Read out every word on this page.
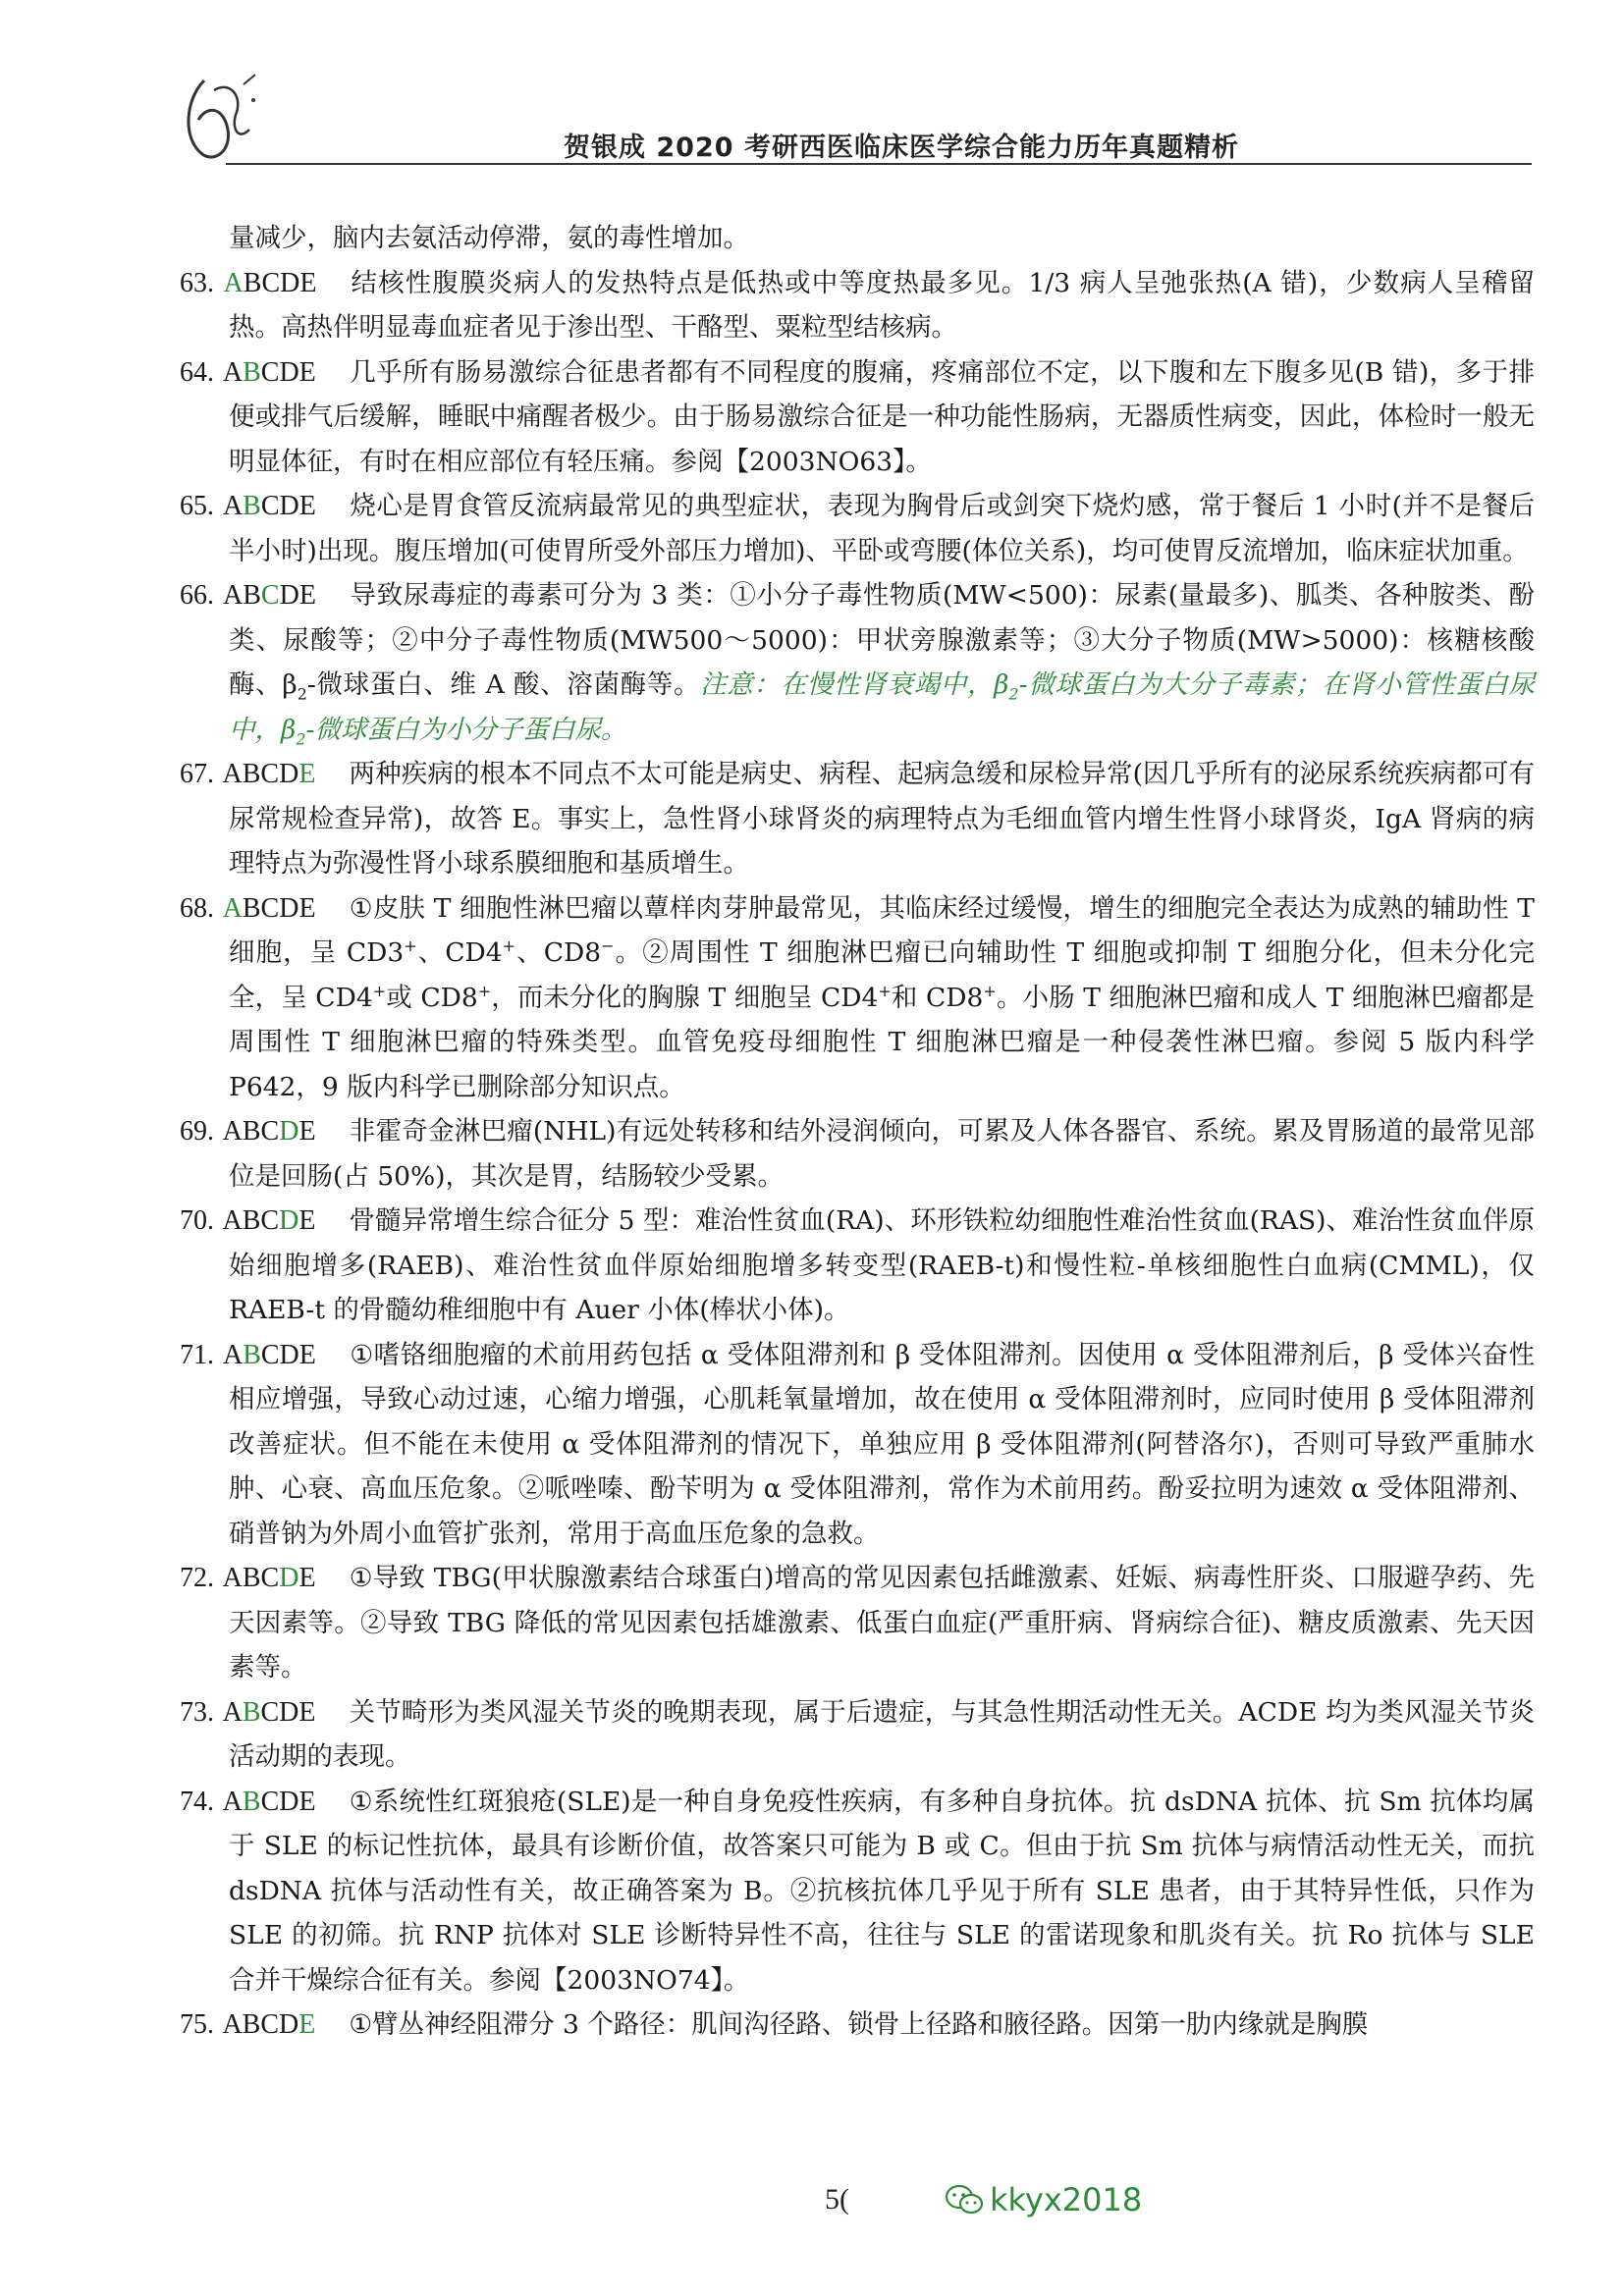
贺银成 2020 考研西医临床医学综合能力历年真题精析

量减少，脑内去氨活动停滞，氨的毒性增加。

63. ABCDE 结核性腹膜炎病人的发热特点是低热或中等度热最多见。1/3 病人呈弛张热(A 错)，少数病人呈稽留热。高热伴明显毒血症者见于渗出型、干酪型、粟粒型结核病。

64. ABCDE 几乎所有肠易激综合征患者都有不同程度的腹痛，疼痛部位不定，以下腹和左下腹多见(B 错)，多于排便或排气后缓解，睡眠中痛醒者极少。由于肠易激综合征是一种功能性肠病，无器质性病变，因此，体检时一般无明显体征，有时在相应部位有轻压痛。参阅【2003NO63】。

65. ABCDE 烧心是胃食管反流病最常见的典型症状，表现为胸骨后或剑突下烧灼感，常于餐后 1 小时(并不是餐后半小时)出现。腹压增加(可使胃所受外部压力增加)、平卧或弯腰(体位关系)，均可使胃反流增加，临床症状加重。

66. ABCDE 导致尿毒症的毒素可分为 3 类：①小分子毒性物质(MW<500)：尿素(量最多)、胍类、各种胺类、酚类、尿酸等；②中分子毒性物质(MW500～5000)：甲状旁腺激素等；③大分子物质(MW>5000)：核糖核酸酶、$\beta_2-$微球蛋白、维 A 酸、溶菌酶等。注意：在慢性肾衰竭中，$\beta_2-$微球蛋白为大分子毒素；在肾小管性蛋白尿中，$\beta_2-$微球蛋白为小分子蛋白尿。

67. ABCDE 两种疾病的根本不同点不太可能是病史、病程、起病急缓和尿检异常(因几乎所有的泌尿系统疾病都可有尿常规检查异常)，故答 E。事实上，急性肾小球肾炎的病理特点为毛细血管内增生性肾小球肾炎，IgA 肾病的病理特点为弥漫性肾小球系膜细胞和基质增生。

68. ABCDE ①皮肤 T 细胞性淋巴瘤以蕈样肉芽肿最常见，其临床经过缓慢，增生的细胞完全表达为成熟的辅助性 T 细胞，呈 CD3+、CD4+、CD8−。②周围性 T 细胞淋巴瘤已向辅助性 T 细胞或抑制 T 细胞分化，但未分化完全，呈 CD4+或 CD8+，而未分化的胸腺 T 细胞呈 CD4+和 CD8+。小肠 T 细胞淋巴瘤和成人 T 细胞淋巴瘤都是周围性 T 细胞淋巴瘤的特殊类型。血管免疫母细胞性 T 细胞淋巴瘤是一种侵袭性淋巴瘤。参阅 5 版内科学 P642，9 版内科学已删除部分知识点。

69. ABCDE 非霍奇金淋巴瘤(NHL)有远处转移和结外浸润倾向，可累及人体各器官、系统。累及胃肠道的最常见部位是回肠(占 50%)，其次是胃，结肠较少受累。

70. ABCDE 骨髓异常增生综合征分 5 型：难治性贫血(RA)、环形铁粒幼细胞性难治性贫血(RAS)、难治性贫血伴原始细胞增多(RAEB)、难治性贫血伴原始细胞增多转变型(RAEB-t)和慢性粒-单核细胞性白血病(CMML)，仅 RAEB-t 的骨髓幼稚细胞中有 Auer 小体(棒状小体)。

71. ABCDE ①嗜铬细胞瘤的术前用药包括 α 受体阻滞剂和 β 受体阻滞剂。因使用 α 受体阻滞剂后，β 受体兴奋性相应增强，导致心动过速，心缩力增强，心肌耗氧量增加，故在使用 α 受体阻滞剂时，应同时使用 β 受体阻滞剂改善症状。但不能在未使用 α 受体阻滞剂的情况下，单独应用 β 受体阻滞剂(阿替洛尔)，否则可导致严重肺水肿、心衰、高血压危象。②哌唑嗪、酚苄明为 α 受体阻滞剂，常作为术前用药。酚妥拉明为速效 α 受体阻滞剂、硝普钠为外周小血管扩张剂，常用于高血压危象的急救。

72. ABCDE ①导致 TBG(甲状腺激素结合球蛋白)增高的常见因素包括雌激素、妊娠、病毒性肝炎、口服避孕药、先天因素等。②导致 TBG 降低的常见因素包括雄激素、低蛋白血症(严重肝病、肾病综合征)、糖皮质激素、先天因素等。

73. ABCDE 关节畸形为类风湿关节炎的晚期表现，属于后遗症，与其急性期活动性无关。ACDE 均为类风湿关节炎活动期的表现。

74. ABCDE ①系统性红斑狼疮(SLE)是一种自身免疫性疾病，有多种自身抗体。抗 dsDNA 抗体、抗 Sm 抗体均属于 SLE 的标记性抗体，最具有诊断价值，故答案只可能为 B 或 C。但由于抗 Sm 抗体与病情活动性无关，而抗 dsDNA 抗体与活动性有关，故正确答案为 B。②抗核抗体几乎见于所有 SLE 患者，由于其特异性低，只作为 SLE 的初筛。抗 RNP 抗体对 SLE 诊断特异性不高，往往与 SLE 的雷诺现象和肌炎有关。抗 Ro 抗体与 SLE 合并干燥综合征有关。参阅【2003NO74】。

75. ABCDE ①臂丛神经阻滞分 3 个路径：肌间沟径路、锁骨上径路和腋径路。因第一肋内缘就是胸膜

5(	kkyx2018
